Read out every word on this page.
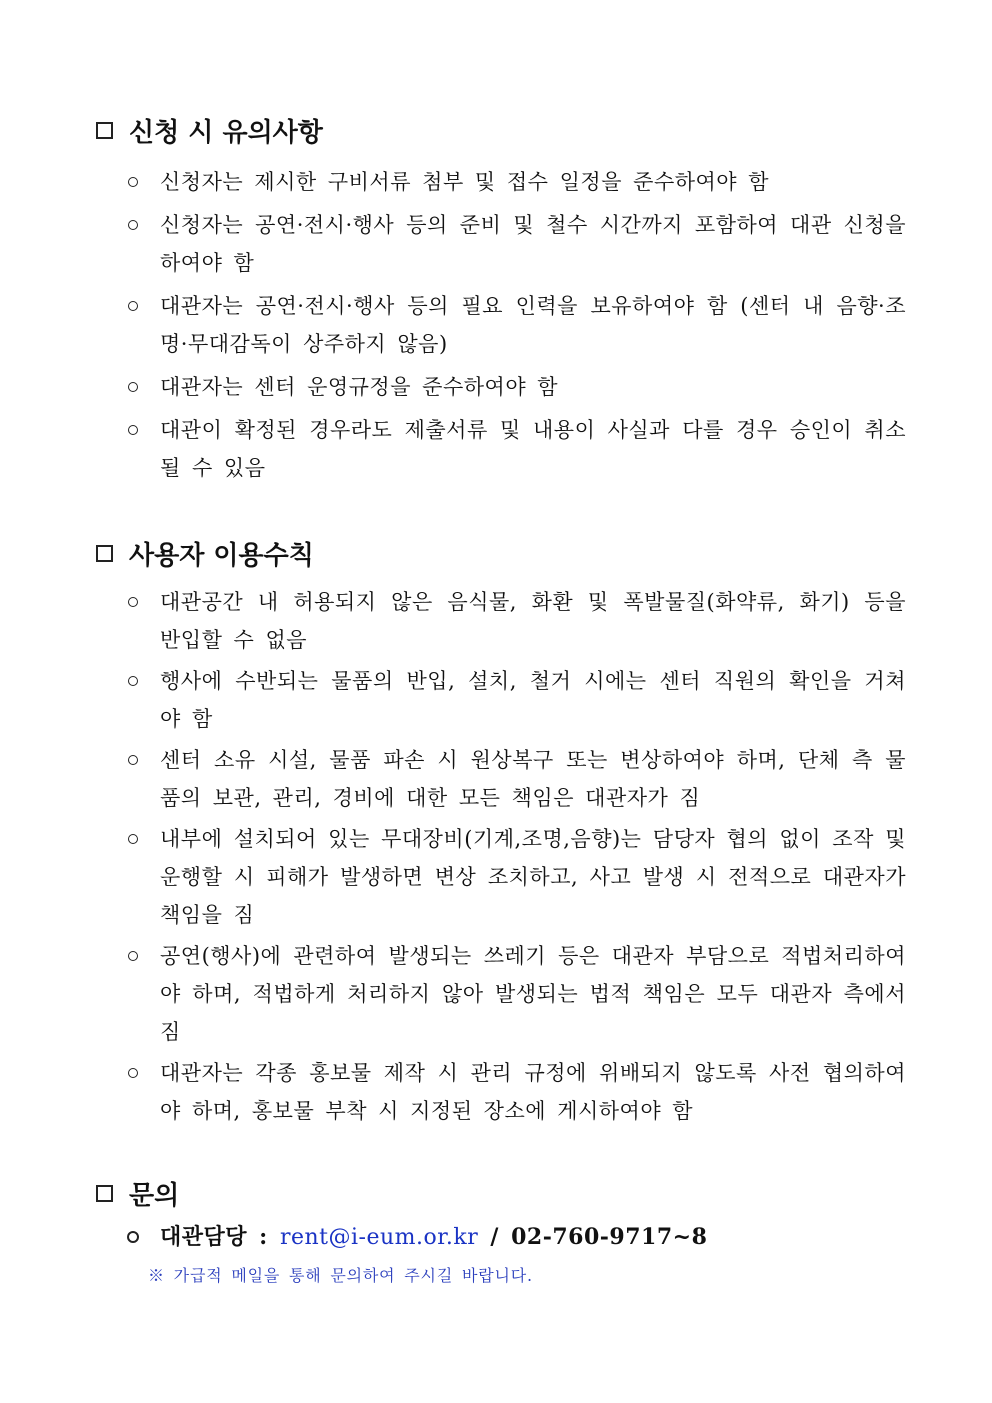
신청 시 유의사항
신청자는 제시한 구비서류 첨부 및 접수 일정을 준수하여야 함
신청자는 공연·전시·행사 등의 준비 및 철수 시간까지 포함하여 대관 신청을 하여야 함
대관자는 공연·전시·행사 등의 필요 인력을 보유하여야 함 (센터 내 음향·조명·무대감독이 상주하지 않음)
대관자는 센터 운영규정을 준수하여야 함
대관이 확정된 경우라도 제출서류 및 내용이 사실과 다를 경우 승인이 취소될 수 있음
사용자 이용수칙
대관공간 내 허용되지 않은 음식물, 화환 및 폭발물질(화약류, 화기) 등을 반입할 수 없음
행사에 수반되는 물품의 반입, 설치, 철거 시에는 센터 직원의 확인을 거쳐야 함
센터 소유 시설, 물품 파손 시 원상복구 또는 변상하여야 하며, 단체 측 물품의 보관, 관리, 경비에 대한 모든 책임은 대관자가 짐
내부에 설치되어 있는 무대장비(기계,조명,음향)는 담당자 협의 없이 조작 및 운행할 시 피해가 발생하면 변상 조치하고, 사고 발생 시 전적으로 대관자가 책임을 짐
공연(행사)에 관련하여 발생되는 쓰레기 등은 대관자 부담으로 적법처리하여야 하며, 적법하게 처리하지 않아 발생되는 법적 책임은 모두 대관자 측에서 짐
대관자는 각종 홍보물 제작 시 관리 규정에 위배되지 않도록 사전 협의하여야 하며, 홍보물 부착 시 지정된 장소에 게시하여야 함
문의
대관담당 : rent@i-eum.or.kr / 02-760-9717~8
※ 가급적 메일을 통해 문의하여 주시길 바랍니다.
